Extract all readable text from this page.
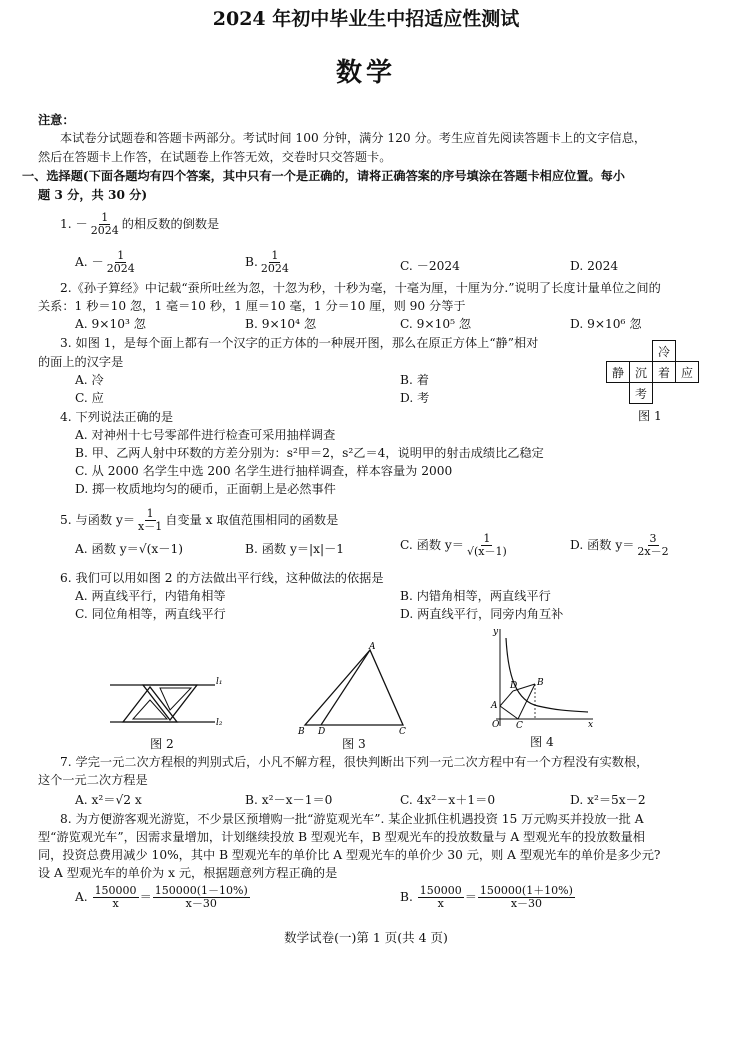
2024 年初中毕业生中招适应性测试
数学
注意：
本试卷分试题卷和答题卡两部分。考试时间 100 分钟，满分 120 分。考生应首先阅读答题卡上的文字信息，
然后在答题卡上作答，在试题卷上作答无效，交卷时只交答题卡。
一、选择题(下面各题均有四个答案，其中只有一个是正确的，请将正确答案的序号填涂在答题卡相应位置。每小
题 3 分，共 30 分)
1. － $\frac{1}{2024}$ 的相反数的倒数是
A. － $\frac{1}{2024}$	B. $\frac{1}{2024}$	C. －2024	D. 2024
2.《孙子算经》中记载“蚕所吐丝为忽，十忽为秒，十秒为毫，十毫为厘，十厘为分.”说明了长度计量单位之间的
关系：1 秒＝10 忽，1 毫＝10 秒，1 厘＝10 毫，1 分＝10 厘，则 90 分等于
A. 9×10³ 忽	B. 9×10⁴ 忽	C. 9×10⁵ 忽	D. 9×10⁶ 忽
3. 如图 1，是每个面上都有一个汉字的正方体的一种展开图，那么在原正方体上“静”相对
的面上的汉字是
A. 冷	B. 着
C. 应	D. 考
		冷	
静	沉	着	应
	考		
图 1
4. 下列说法正确的是
A. 对神州十七号零部件进行检查可采用抽样调查
B. 甲、乙两人射中环数的方差分别为：s²甲＝2，s²乙＝4，说明甲的射击成绩比乙稳定
C. 从 2000 名学生中选 200 名学生进行抽样调查，样本容量为 2000
D. 掷一枚质地均匀的硬币，正面朝上是必然事件
5. 与函数 $y= \frac{1}{x-1}$ 自变量 x 取值范围相同的函数是
A. 函数 y＝√(x－1)	B. 函数 y＝|x|－1	C. 函数 $y= \frac{1}{√(x-1)}$	D. 函数 $y= \frac{3}{2x-2}$
6. 我们可以用如图 2 的方法做出平行线，这种做法的依据是
A. 两直线平行，内错角相等	B. 内错角相等，两直线平行
C. 同位角相等，两直线平行	D. 两直线平行，同旁内角互补
l₁
l₂
图 2
A
B D	C
图 3
y
x
O
A
D B
C
图 4
7. 学完一元二次方程根的判别式后，小凡不解方程，很快判断出下列一元二次方程中有一个方程没有实数根，
这个一元二次方程是
A. x²＝√2 x	B. x²－x－1＝0	C. 4x²－x＋1＝0	D. x²＝5x－2
8. 为方便游客观光游览，不少景区预增购一批“游览观光车”. 某企业抓住机遇投资 15 万元购买并投放一批 A
型“游览观光车”，因需求量增加，计划继续投放 B 型观光车，B 型观光车的投放数量与 A 型观光车的投放数量相
同，投资总费用减少 10%，其中 B 型观光车的单价比 A 型观光车的单价少 30 元，则 A 型观光车的单价是多少元?
设 A 型观光车的单价为 x 元，根据题意列方程正确的是
A. $\frac{150000}{x} = \frac{150000(1-10\%)}{x-30}$	B. $\frac{150000}{x} = \frac{150000(1+10\%)}{x-30}$
数学试卷(一)第 1 页(共 4 页)
